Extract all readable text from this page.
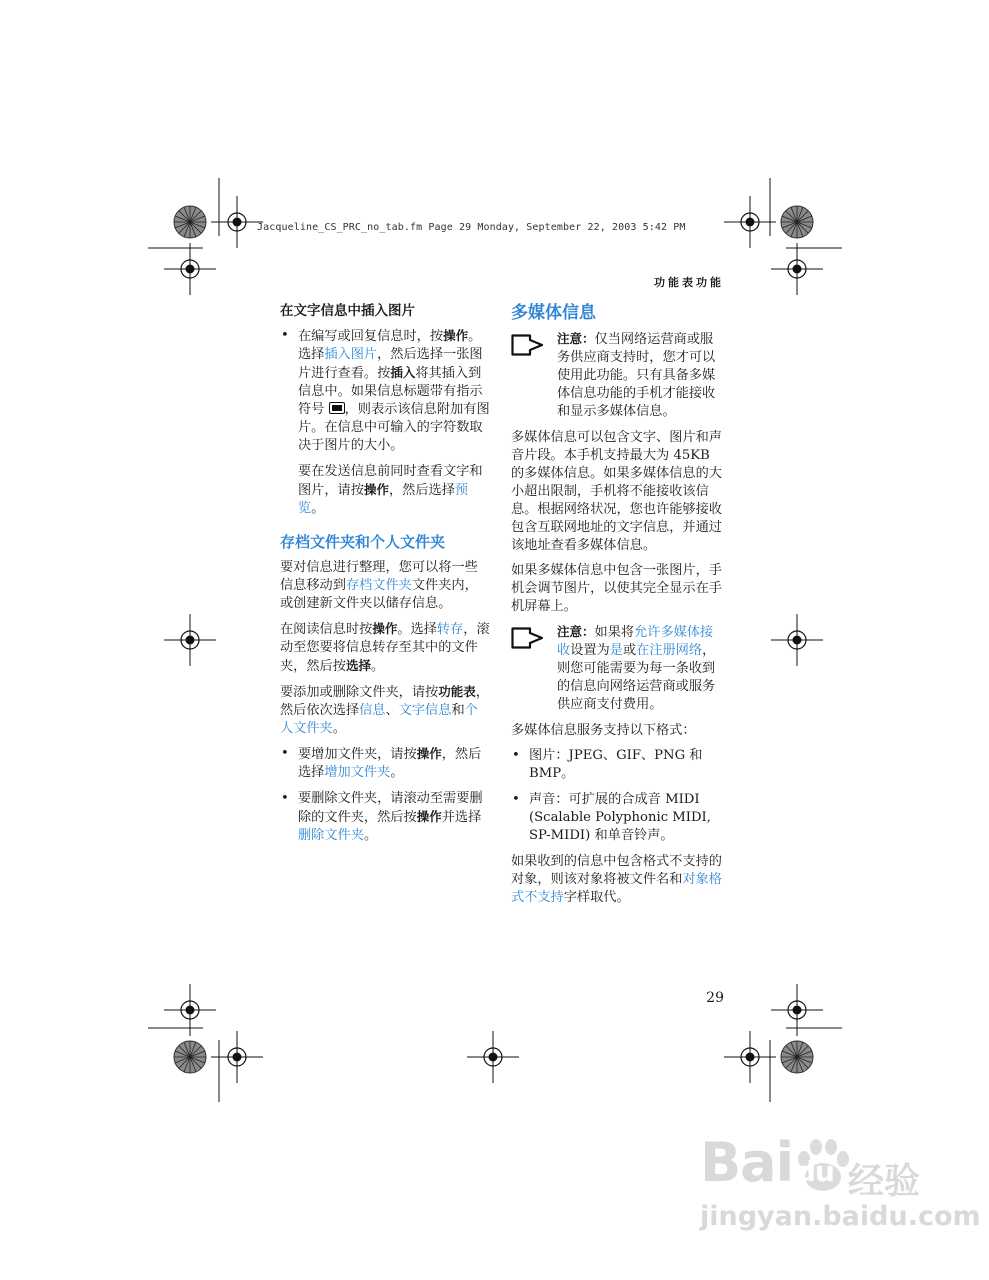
Jacqueline_CS_PRC_no_tab.fm Page 29 Monday, September 22, 2003 5:42 PM
功能表功能

在文字信息中插入图片

• 在编写或回复信息时，按操作。选择插入图片，然后选择一张图片进行查看。按插入将其插入到信息中。如果信息标题带有指示符号 ，则表示该信息附加有图片。在信息中可输入的字符数取决于图片的大小。

要在发送信息前同时查看文字和图片，请按操作，然后选择预览。

存档文件夹和个人文件夹

要对信息进行整理，您可以将一些信息移动到存档文件夹文件夹内，或创建新文件夹以储存信息。

在阅读信息时按操作。选择转存，滚动至您要将信息转存至其中的文件夹，然后按选择。

要添加或删除文件夹，请按功能表，然后依次选择信息、文字信息和个人文件夹。

• 要增加文件夹，请按操作，然后选择增加文件夹。
• 要删除文件夹，请滚动至需要删除的文件夹，然后按操作并选择删除文件夹。

多媒体信息

注意：仅当网络运营商或服务供应商支持时，您才可以使用此功能。只有具备多媒体信息功能的手机才能接收和显示多媒体信息。

多媒体信息可以包含文字、图片和声音片段。本手机支持最大为 45KB 的多媒体信息。如果多媒体信息的大小超出限制，手机将不能接收该信息。根据网络状况，您也许能够接收包含互联网地址的文字信息，并通过该地址查看多媒体信息。

如果多媒体信息中包含一张图片，手机会调节图片，以使其完全显示在手机屏幕上。

注意：如果将允许多媒体接收设置为是或在注册网络，则您可能需要为每一条收到的信息向网络运营商或服务供应商支付费用。

多媒体信息服务支持以下格式：

• 图片：JPEG、GIF、PNG 和 BMP。
• 声音：可扩展的合成音 MIDI (Scalable Polyphonic MIDI, SP-MIDI) 和单音铃声。

如果收到的信息中包含格式不支持的对象，则该对象将被文件名和对象格式不支持字样取代。

29
Bai du 经验
jingyan.baidu.com
